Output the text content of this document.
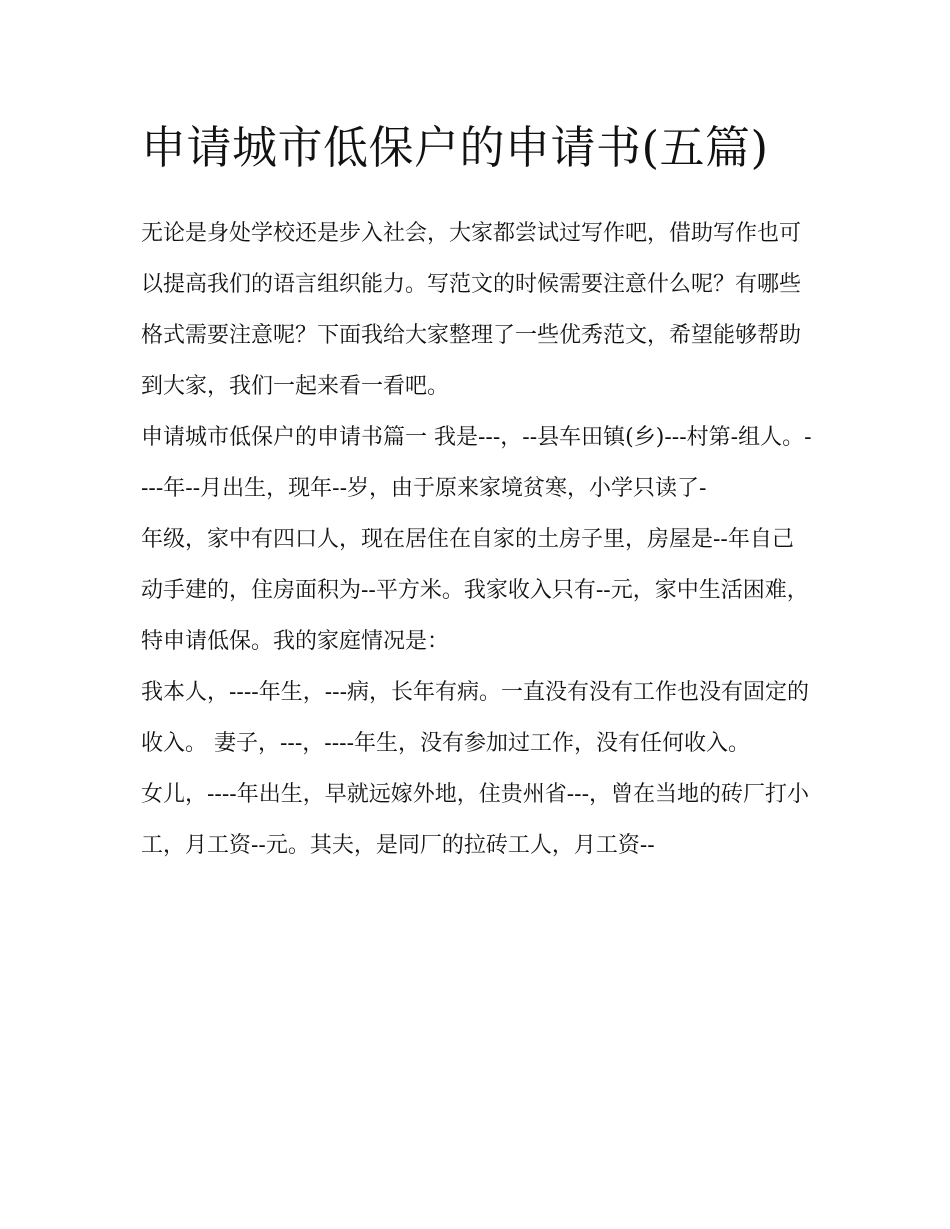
申请城市低保户的申请书(五篇)

无论是身处学校还是步入社会，大家都尝试过写作吧，借助写作也可以提高我们的语言组织能力。写范文的时候需要注意什么呢？有哪些格式需要注意呢？下面我给大家整理了一些优秀范文，希望能够帮助到大家，我们一起来看一看吧。

申请城市低保户的申请书篇一 我是---，--县车田镇(乡)---村第-组人。----年--月出生，现年--岁，由于原来家境贫寒，小学只读了-

年级，家中有四口人，现在居住在自家的土房子里，房屋是--年自己动手建的，住房面积为--平方米。我家收入只有--元，家中生活困难，特申请低保。我的家庭情况是：

我本人，----年生，---病，长年有病。一直没有没有工作也没有固定的收入。 妻子，---，----年生，没有参加过工作，没有任何收入。

女儿，----年出生，早就远嫁外地，住贵州省---，曾在当地的砖厂打小工，月工资--元。其夫，是同厂的拉砖工人，月工资--
